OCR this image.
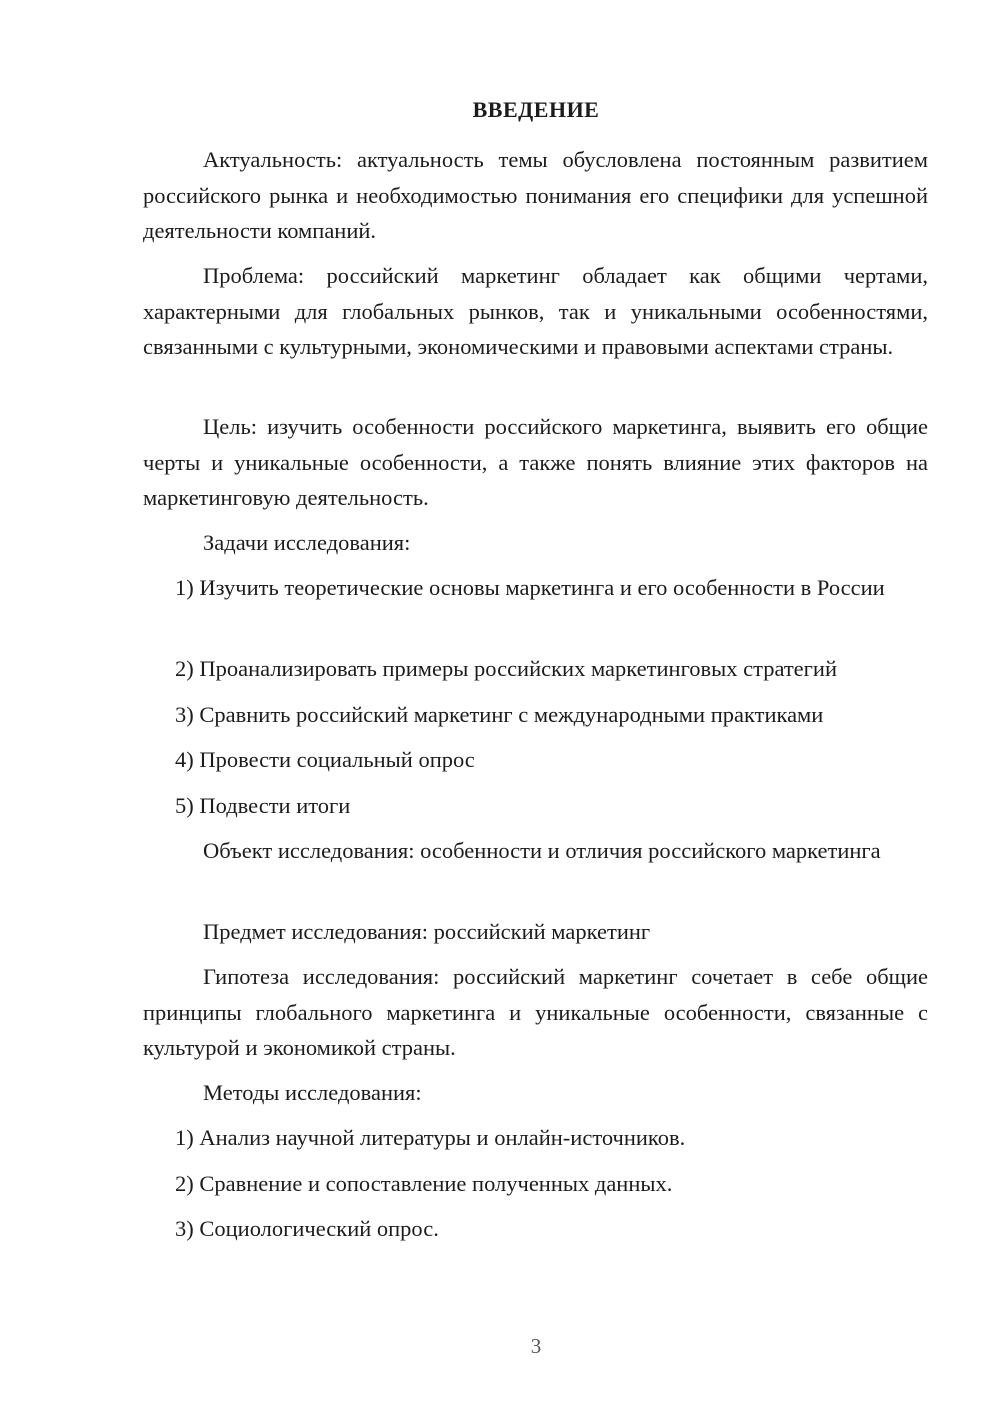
ВВЕДЕНИЕ

Актуальность: актуальность темы обусловлена постоянным развитием российского рынка и необходимостью понимания его специфики для успешной деятельности компаний.

Проблема: российский маркетинг обладает как общими чертами, характерными для глобальных рынков, так и уникальными особенностями, связанными с культурными, экономическими и правовыми аспектами страны.

Цель: изучить особенности российского маркетинга, выявить его общие черты и уникальные особенности, а также понять влияние этих факторов на маркетинговую деятельность.

Задачи исследования:

1) Изучить теоретические основы маркетинга и его особенности в России

2) Проанализировать примеры российских маркетинговых стратегий

3) Сравнить российский маркетинг с международными практиками

4) Провести социальный опрос

5) Подвести итоги

Объект исследования: особенности и отличия российского маркетинга

Предмет исследования: российский маркетинг

Гипотеза исследования: российский маркетинг сочетает в себе общие принципы глобального маркетинга и уникальные особенности, связанные с культурой и экономикой страны.

Методы исследования:

1) Анализ научной литературы и онлайн-источников.

2) Сравнение и сопоставление полученных данных.

3) Социологический опрос.

3
